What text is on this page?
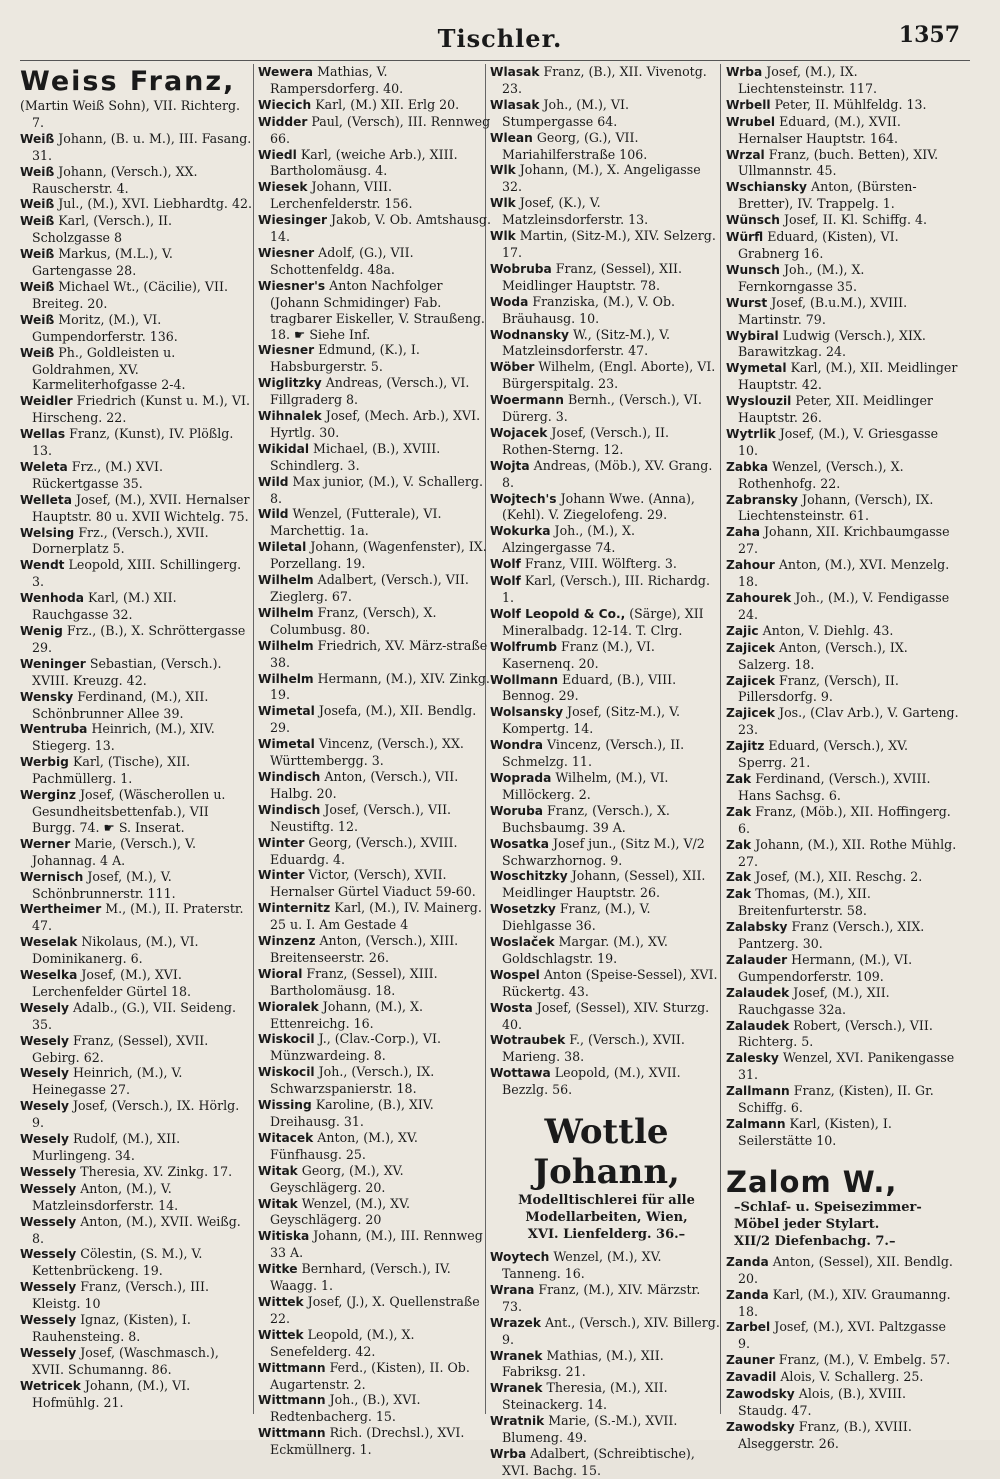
Tischler.	1357
Weiss Franz,
(Martin Weiß Sohn), VII. Richterg. 7.
Weiß Johann, (B. u. M.), III. Fasang. 31.
Weiß Johann, (Versch.), XX. Rauscherstr. 4.
Weiß Jul., (M.), XVI. Liebhardtg. 42.
Weiß Karl, (Versch.), II. Scholzgasse 8
Weiß Markus, (M.L.), V. Gartengasse 28.
Weiß Michael Wt., (Cäcilie), VII. Breiteg. 20.
Weiß Moritz, (M.), VI. Gumpendorferstr. 136.
Weiß Ph., Goldleisten u. Goldrahmen, XV. Karmeliterhofgasse 2-4.
Weidler Friedrich (Kunst u. M.), VI. Hirscheng. 22.
Wellas Franz, (Kunst), IV. Plößlg. 13.
Weleta Frz., (M.) XVI. Rückertgasse 35.
Welleta Josef, (M.), XVII. Hernalser Hauptstr. 80 u. XVII Wichtelg. 75.
Welsing Frz., (Versch.), XVII. Dornerplatz 5.
Wendt Leopold, XIII. Schillingerg. 3.
Wenhoda Karl, (M.) XII. Rauchgasse 32.
Wenig Frz., (B.), X. Schröttergasse 29.
Weninger Sebastian, (Versch.). XVIII. Kreuzg. 42.
Wensky Ferdinand, (M.), XII. Schönbrunner Allee 39.
Wentruba Heinrich, (M.), XIV. Stiegerg. 13.
Werbig Karl, (Tische), XII. Pachmüllerg. 1.
Werginz Josef, (Wäscherollen u. Gesundheitsbettenfab.), VII Burgg. 74. ☛ S. Inserat.
Werner Marie, (Versch.), V. Johannag. 4 A.
Wernisch Josef, (M.), V. Schönbrunnerstr. 111.
Wertheimer M., (M.), II. Praterstr. 47.
Weselak Nikolaus, (M.), VI. Dominikanerg. 6.
Weselka Josef, (M.), XVI. Lerchenfelder Gürtel 18.
Wesely Adalb., (G.), VII. Seideng. 35.
Wesely Franz, (Sessel), XVII. Gebirg. 62.
Wesely Heinrich, (M.), V. Heinegasse 27.
Wesely Josef, (Versch.), IX. Hörlg. 9.
Wesely Rudolf, (M.), XII. Murlingeng. 34.
Wessely Theresia, XV. Zinkg. 17.
Wessely Anton, (M.), V. Matzleinsdorferstr. 14.
Wessely Anton, (M.), XVII. Weißg. 8.
Wessely Cölestin, (S. M.), V. Kettenbrückeng. 19.
Wessely Franz, (Versch.), III. Kleistg. 10
Wessely Ignaz, (Kisten), I. Rauhensteing. 8.
Wessely Josef, (Waschmasch.), XVII. Schumanng. 86.
Wetricek Johann, (M.), VI. Hofmühlg. 21.
Wewera Mathias, V. Rampersdorferg. 40.
Wiecich Karl, (M.) XII. Erlg 20.
Widder Paul, (Versch), III. Rennweg 66.
Wiedl Karl, (weiche Arb.), XIII. Bartholomäusg. 4.
Wiesek Johann, VIII. Lerchenfelderstr. 156.
Wiesinger Jakob, V. Ob. Amtshausg. 14.
Wiesner Adolf, (G.), VII. Schottenfeldg. 48a.
Wiesner's Anton Nachfolger (Johann Schmidinger) Fab. tragbarer Eiskeller, V. Straußeng. 18. ☛ Siehe Inf.
Wiesner Edmund, (K.), I. Habsburgerstr. 5.
Wiglitzky Andreas, (Versch.), VI. Fillgraderg 8.
Wihnalek Josef, (Mech. Arb.), XVI. Hyrtlg. 30.
Wikidal Michael, (B.), XVIII. Schindlerg. 3.
Wild Max junior, (M.), V. Schallerg. 8.
Wild Wenzel, (Futterale), VI. Marchettig. 1a.
Wiletal Johann, (Wagenfenster), IX. Porzellang. 19.
Wilhelm Adalbert, (Versch.), VII. Zieglerg. 67.
Wilhelm Franz, (Versch), X. Columbusg. 80.
Wilhelm Friedrich, XV. März-straße 38.
Wilhelm Hermann, (M.), XIV. Zinkg. 19.
Wimetal Josefa, (M.), XII. Bendlg. 29.
Wimetal Vincenz, (Versch.), XX. Württembergg. 3.
Windisch Anton, (Versch.), VII. Halbg. 20.
Windisch Josef, (Versch.), VII. Neustiftg. 12.
Winter Georg, (Versch.), XVIII. Eduardg. 4.
Winter Victor, (Versch), XVII. Hernalser Gürtel Viaduct 59-60.
Winternitz Karl, (M.), IV. Mainerg. 25 u. I. Am Gestade 4
Winzenz Anton, (Versch.), XIII. Breitenseerstr. 26.
Wioral Franz, (Sessel), XIII. Bartholomäusg. 18.
Wioralek Johann, (M.), X. Ettenreichg. 16.
Wiskocil J., (Clav.-Corp.), VI. Münzwardeing. 8.
Wiskocil Joh., (Versch.), IX. Schwarzspanierstr. 18.
Wissing Karoline, (B.), XIV. Dreihausg. 31.
Witacek Anton, (M.), XV. Fünfhausg. 25.
Witak Georg, (M.), XV. Geyschlägerg. 20.
Witak Wenzel, (M.), XV. Geyschlägerg. 20
Witiska Johann, (M.), III. Rennweg 33 A.
Witke Bernhard, (Versch.), IV. Waagg. 1.
Wittek Josef, (J.), X. Quellenstraße 22.
Wittek Leopold, (M.), X. Senefelderg. 42.
Wittmann Ferd., (Kisten), II. Ob. Augartenstr. 2.
Wittmann Joh., (B.), XVI. Redtenbacherg. 15.
Wittmann Rich. (Drechsl.), XVI. Eckmüllnerg. 1.
Wlasak Franz, (B.), XII. Vivenotg. 23.
Wlasak Joh., (M.), VI. Stumpergasse 64.
Wlean Georg, (G.), VII. Mariahilferstraße 106.
Wlk Johann, (M.), X. Angeligasse 32.
Wlk Josef, (K.), V. Matzleinsdorferstr. 13.
Wlk Martin, (Sitz-M.), XIV. Selzerg. 17.
Wobruba Franz, (Sessel), XII. Meidlinger Hauptstr. 78.
Woda Franziska, (M.), V. Ob. Bräuhausg. 10.
Wodnansky W., (Sitz-M.), V. Matzleinsdorferstr. 47.
Wöber Wilhelm, (Engl. Aborte), VI. Bürgerspitalg. 23.
Woermann Bernh., (Versch.), VI. Dürerg. 3.
Wojacek Josef, (Versch.), II. Rothen-Sterng. 12.
Wojta Andreas, (Möb.), XV. Grang. 8.
Wojtech's Johann Wwe. (Anna), (Kehl). V. Ziegelofeng. 29.
Wokurka Joh., (M.), X. Alzingergasse 74.
Wolf Franz, VIII. Wölfterg. 3.
Wolf Karl, (Versch.), III. Richardg. 1.
Wolf Leopold & Co., (Särge), XII Mineralbadg. 12-14. T. Clrg.
Wolfrumb Franz (M.), VI. Kasernenq. 20.
Wollmann Eduard, (B.), VIII. Bennog. 29.
Wolsansky Josef, (Sitz-M.), V. Kompertg. 14.
Wondra Vincenz, (Versch.), II. Schmelzg. 11.
Woprada Wilhelm, (M.), VI. Millöckerg. 2.
Woruba Franz, (Versch.), X. Buchsbaumg. 39 A.
Wosatka Josef jun., (Sitz M.), V/2 Schwarzhornog. 9.
Woschitzky Johann, (Sessel), XII. Meidlinger Hauptstr. 26.
Wosetzky Franz, (M.), V. Diehlgasse 36.
Woslaček Margar. (M.), XV. Goldschlagstr. 19.
Wospel Anton (Speise-Sessel), XVI. Rückertg. 43.
Wosta Josef, (Sessel), XIV. Sturzg. 40.
Wotraubek F., (Versch.), XVII. Marieng. 38.
Wottawa Leopold, (M.), XVII. Bezzlg. 56.
Wottle Johann,
Modelltischlerei für alle
Modellarbeiten, Wien,
XVI. Lienfelderg. 36.–
Woytech Wenzel, (M.), XV. Tanneng. 16.
Wrana Franz, (M.), XIV. Märzstr. 73.
Wrazek Ant., (Versch.), XIV. Billerg. 9.
Wranek Mathias, (M.), XII. Fabriksg. 21.
Wranek Theresia, (M.), XII. Steinackerg. 14.
Wratnik Marie, (S.-M.), XVII. Blumeng. 49.
Wrba Adalbert, (Schreibtische), XVI. Bachg. 15.
Wrba Josef, (M.), IX. Liechtensteinstr. 117.
Wrbell Peter, II. Mühlfeldg. 13.
Wrubel Eduard, (M.), XVII. Hernalser Hauptstr. 164.
Wrzal Franz, (buch. Betten), XIV. Ullmannstr. 45.
Wschiansky Anton, (Bürsten-Bretter), IV. Trappelg. 1.
Wünsch Josef, II. Kl. Schiffg. 4.
Würfl Eduard, (Kisten), VI. Grabnerg 16.
Wunsch Joh., (M.), X. Fernkorngasse 35.
Wurst Josef, (B.u.M.), XVIII. Martinstr. 79.
Wybiral Ludwig (Versch.), XIX. Barawitzkag. 24.
Wymetal Karl, (M.), XII. Meidlinger Hauptstr. 42.
Wyslouzil Peter, XII. Meidlinger Hauptstr. 26.
Wytrlik Josef, (M.), V. Griesgasse 10.
Zabka Wenzel, (Versch.), X. Rothenhofg. 22.
Zabransky Johann, (Versch), IX. Liechtensteinstr. 61.
Zaha Johann, XII. Krichbaumgasse 27.
Zahour Anton, (M.), XVI. Menzelg. 18.
Zahourek Joh., (M.), V. Fendigasse 24.
Zajic Anton, V. Diehlg. 43.
Zajicek Anton, (Versch.), IX. Salzerg. 18.
Zajicek Franz, (Versch), II. Pillersdorfg. 9.
Zajicek Jos., (Clav Arb.), V. Garteng. 23.
Zajitz Eduard, (Versch.), XV. Sperrg. 21.
Zak Ferdinand, (Versch.), XVIII. Hans Sachsg. 6.
Zak Franz, (Möb.), XII. Hoffingerg. 6.
Zak Johann, (M.), XII. Rothe Mühlg. 27.
Zak Josef, (M.), XII. Reschg. 2.
Zak Thomas, (M.), XII. Breitenfurterstr. 58.
Zalabsky Franz (Versch.), XIX. Pantzerg. 30.
Zalauder Hermann, (M.), VI. Gumpendorferstr. 109.
Zalaudek Josef, (M.), XII. Rauchgasse 32a.
Zalaudek Robert, (Versch.), VII. Richterg. 5.
Zalesky Wenzel, XVI. Panikengasse 31.
Zallmann Franz, (Kisten), II. Gr. Schiffg. 6.
Zalmann Karl, (Kisten), I. Seilerstätte 10.
Zalom W.,
–Schlaf- u. Speisezimmer-
Möbel jeder Stylart.
XII/2 Diefenbachg. 7.–
Zanda Anton, (Sessel), XII. Bendlg. 20.
Zanda Karl, (M.), XIV. Graumanng. 18.
Zarbel Josef, (M.), XVI. Paltzgasse 9.
Zauner Franz, (M.), V. Embelg. 57.
Zavadil Alois, V. Schallerg. 25.
Zawodsky Alois, (B.), XVIII. Staudg. 47.
Zawodsky Franz, (B.), XVIII. Alseggerstr. 26.
